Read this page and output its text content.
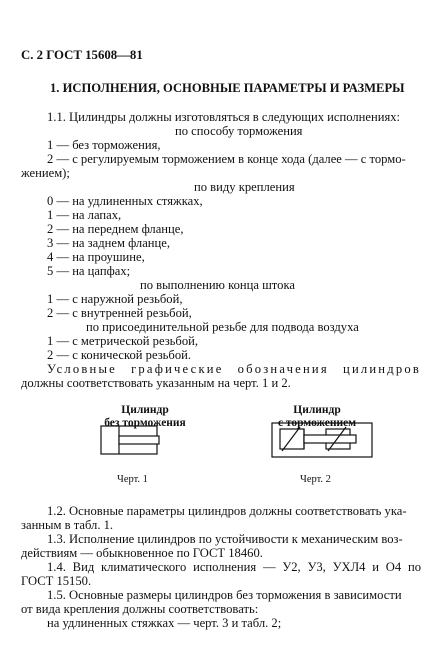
С. 2 ГОСТ 15608—81
1. ИСПОЛНЕНИЯ, ОСНОВНЫЕ ПАРАМЕТРЫ И РАЗМЕРЫ
1.1. Цилиндры должны изготовляться в следующих исполнениях:
по способу торможения
1 — без торможения,
2 — с регулируемым торможением в конце хода (далее — с тормо-
жением);
по виду крепления
0 — на удлиненных стяжках,
1 — на лапах,
2 — на переднем фланце,
3 — на заднем фланце,
4 — на проушине,
5 — на цапфах;
по выполнению конца штока
1 — с наружной резьбой,
2 — с внутренней резьбой,
по присоединительной резьбе для подвода воздуха
1 — с метрической резьбой,
2 — с конической резьбой.
Условные графические обозначения цилиндров
должны соответствовать указанным на черт. 1 и 2.
Цилиндр
без торможения
Черт. 1
Цилиндр
с торможением
Черт. 2
1.2. Основные параметры цилиндров должны соответствовать ука-
занным в табл. 1.
1.3. Исполнение цилиндров по устойчивости к механическим воз-
действиям — обыкновенное по ГОСТ 18460.
1.4. Вид климатического исполнения — У2, У3, УХЛ4 и О4 по
ГОСТ 15150.
1.5. Основные размеры цилиндров без торможения в зависимости
от вида крепления должны соответствовать:
на удлиненных стяжках — черт. 3 и табл. 2;
